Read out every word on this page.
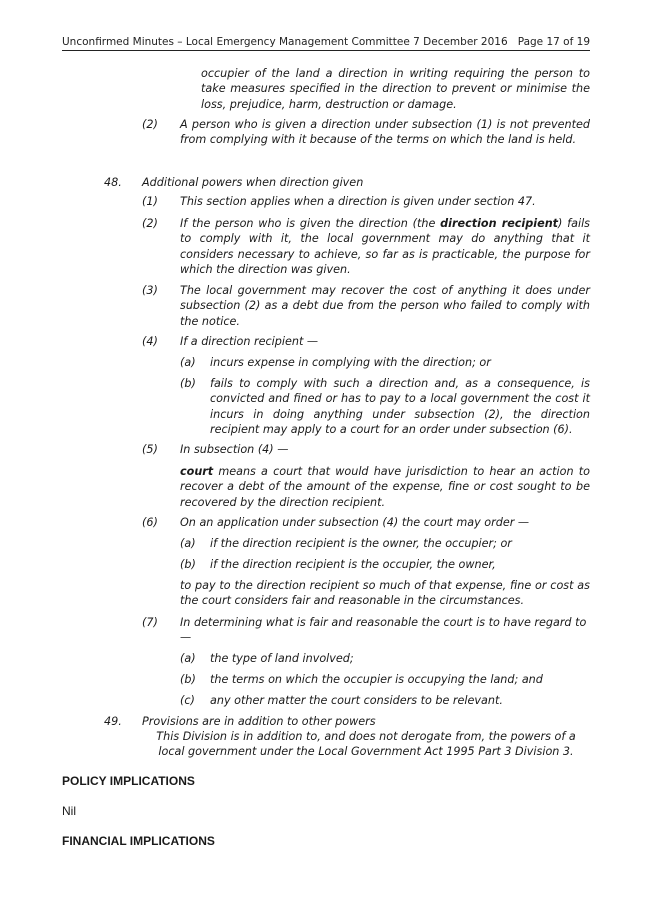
Unconfirmed Minutes – Local Emergency Management Committee 7 December 2016 Page 17 of 19

occupier of the land a direction in writing requiring the person to take measures specified in the direction to prevent or minimise the loss, prejudice, harm, destruction or damage.

(2) A person who is given a direction under subsection (1) is not prevented from complying with it because of the terms on which the land is held.

48. Additional powers when direction given

(1) This section applies when a direction is given under section 47.

(2) If the person who is given the direction (the direction recipient) fails to comply with it, the local government may do anything that it considers necessary to achieve, so far as is practicable, the purpose for which the direction was given.

(3) The local government may recover the cost of anything it does under subsection (2) as a debt due from the person who failed to comply with the notice.

(4) If a direction recipient —

(a) incurs expense in complying with the direction; or

(b) fails to comply with such a direction and, as a consequence, is convicted and fined or has to pay to a local government the cost it incurs in doing anything under subsection (2), the direction recipient may apply to a court for an order under subsection (6).

(5) In subsection (4) —

court means a court that would have jurisdiction to hear an action to recover a debt of the amount of the expense, fine or cost sought to be recovered by the direction recipient.

(6) On an application under subsection (4) the court may order —

(a) if the direction recipient is the owner, the occupier; or

(b) if the direction recipient is the occupier, the owner,

to pay to the direction recipient so much of that expense, fine or cost as the court considers fair and reasonable in the circumstances.

(7) In determining what is fair and reasonable the court is to have regard to —

(a) the type of land involved;

(b) the terms on which the occupier is occupying the land; and

(c) any other matter the court considers to be relevant.

49. Provisions are in addition to other powers

This Division is in addition to, and does not derogate from, the powers of a local government under the Local Government Act 1995 Part 3 Division 3.

POLICY IMPLICATIONS

Nil

FINANCIAL IMPLICATIONS
